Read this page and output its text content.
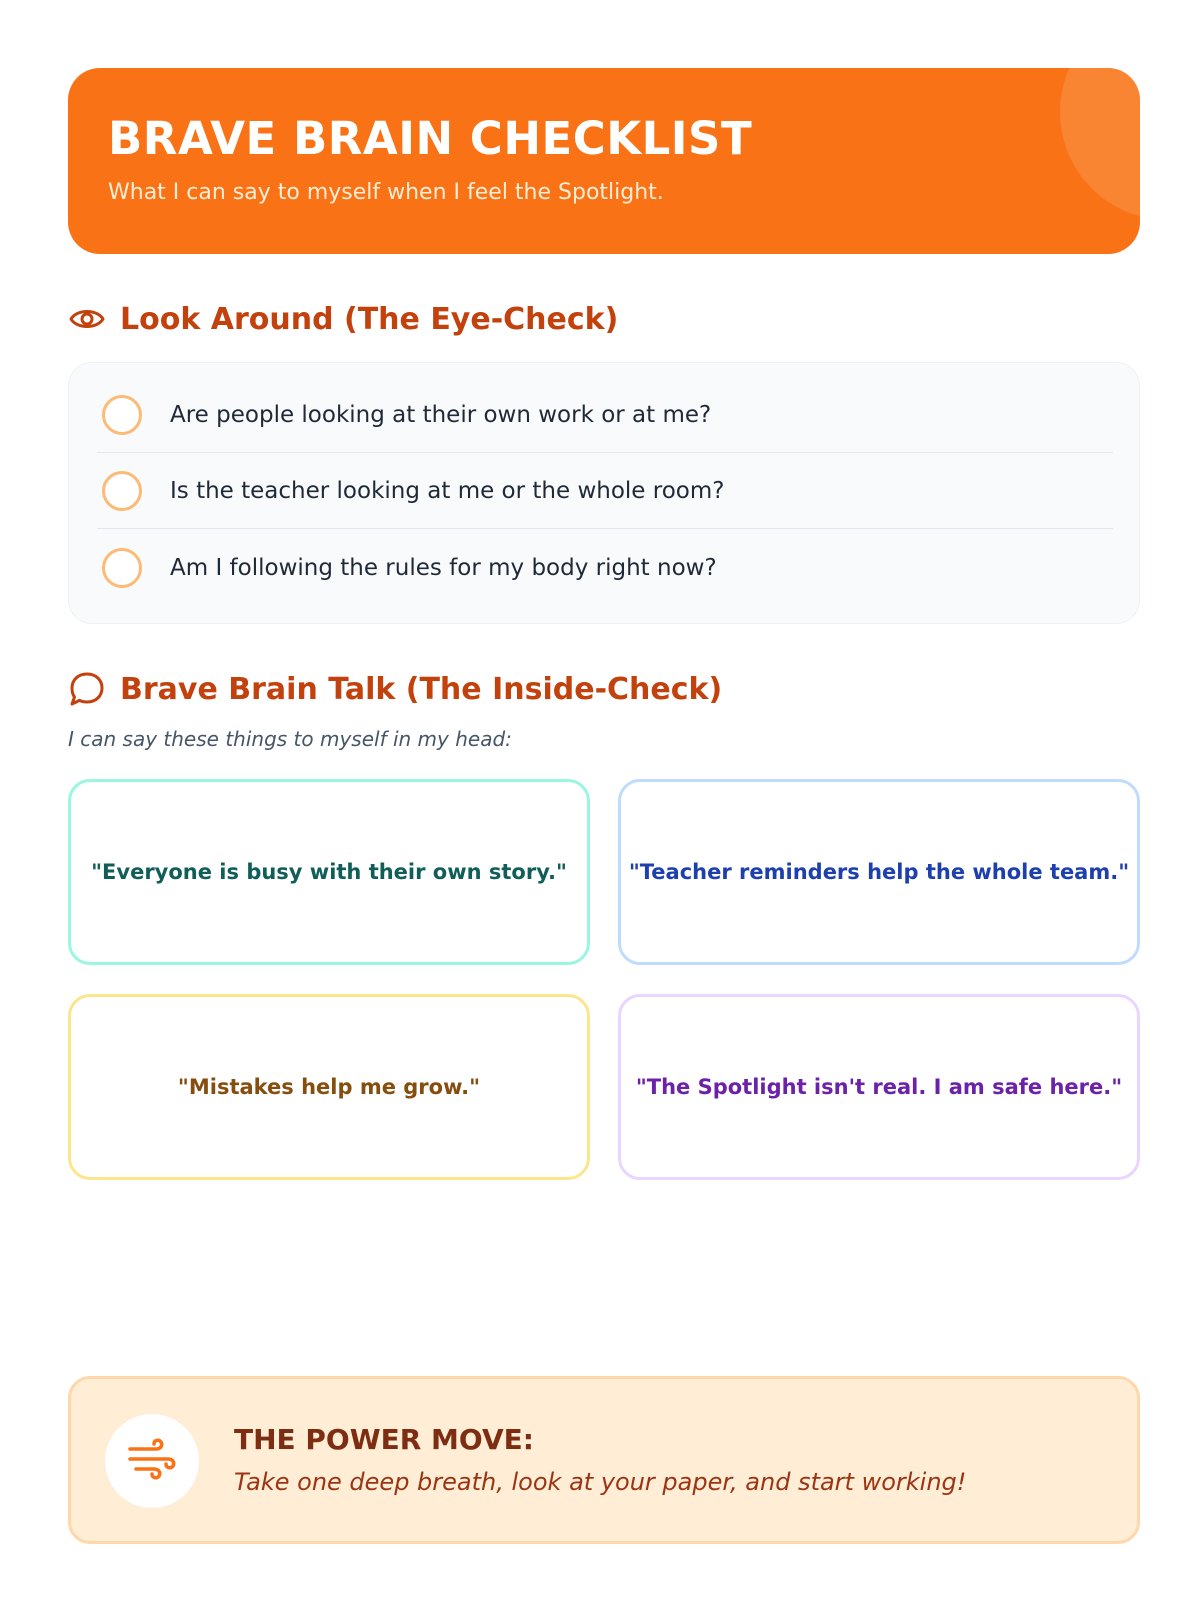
BRAVE BRAIN CHECKLIST
What I can say to myself when I feel the Spotlight.
Look Around (The Eye-Check)
Are people looking at their own work or at me?
Is the teacher looking at me or the whole room?
Am I following the rules for my body right now?
Brave Brain Talk (The Inside-Check)
I can say these things to myself in my head:
"Everyone is busy with their own story."	"Teacher reminders help the whole team."
"Mistakes help me grow."	"The Spotlight isn't real. I am safe here."
THE POWER MOVE:
Take one deep breath, look at your paper, and start working!
